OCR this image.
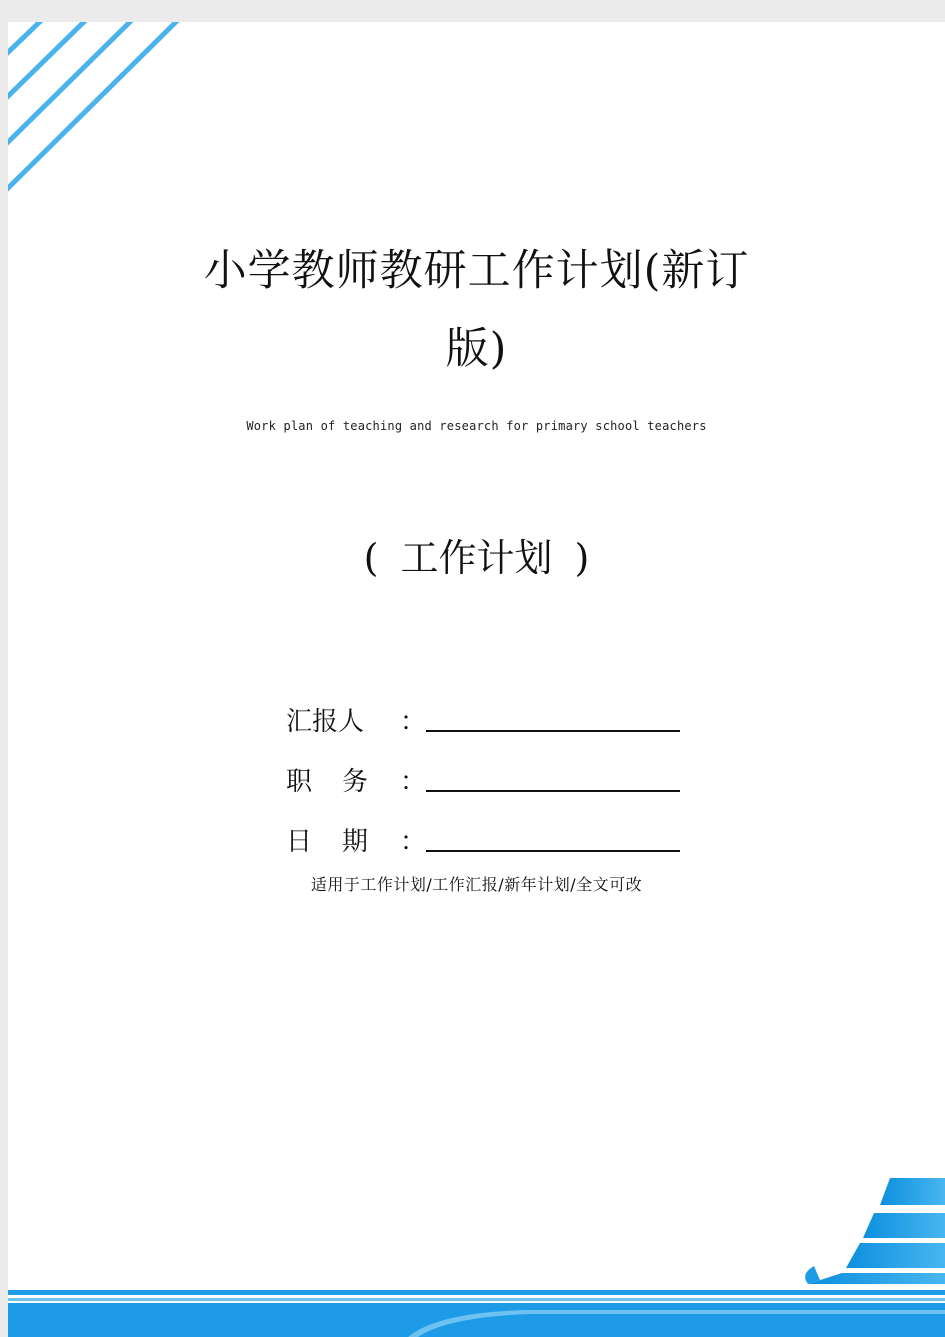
小学教师教研工作计划(新订
版)
Work plan of teaching and research for primary school teachers
( 工作计划 )
汇报人	：
职务 ：
日期 ：
适用于工作计划/工作汇报/新年计划/全文可改
